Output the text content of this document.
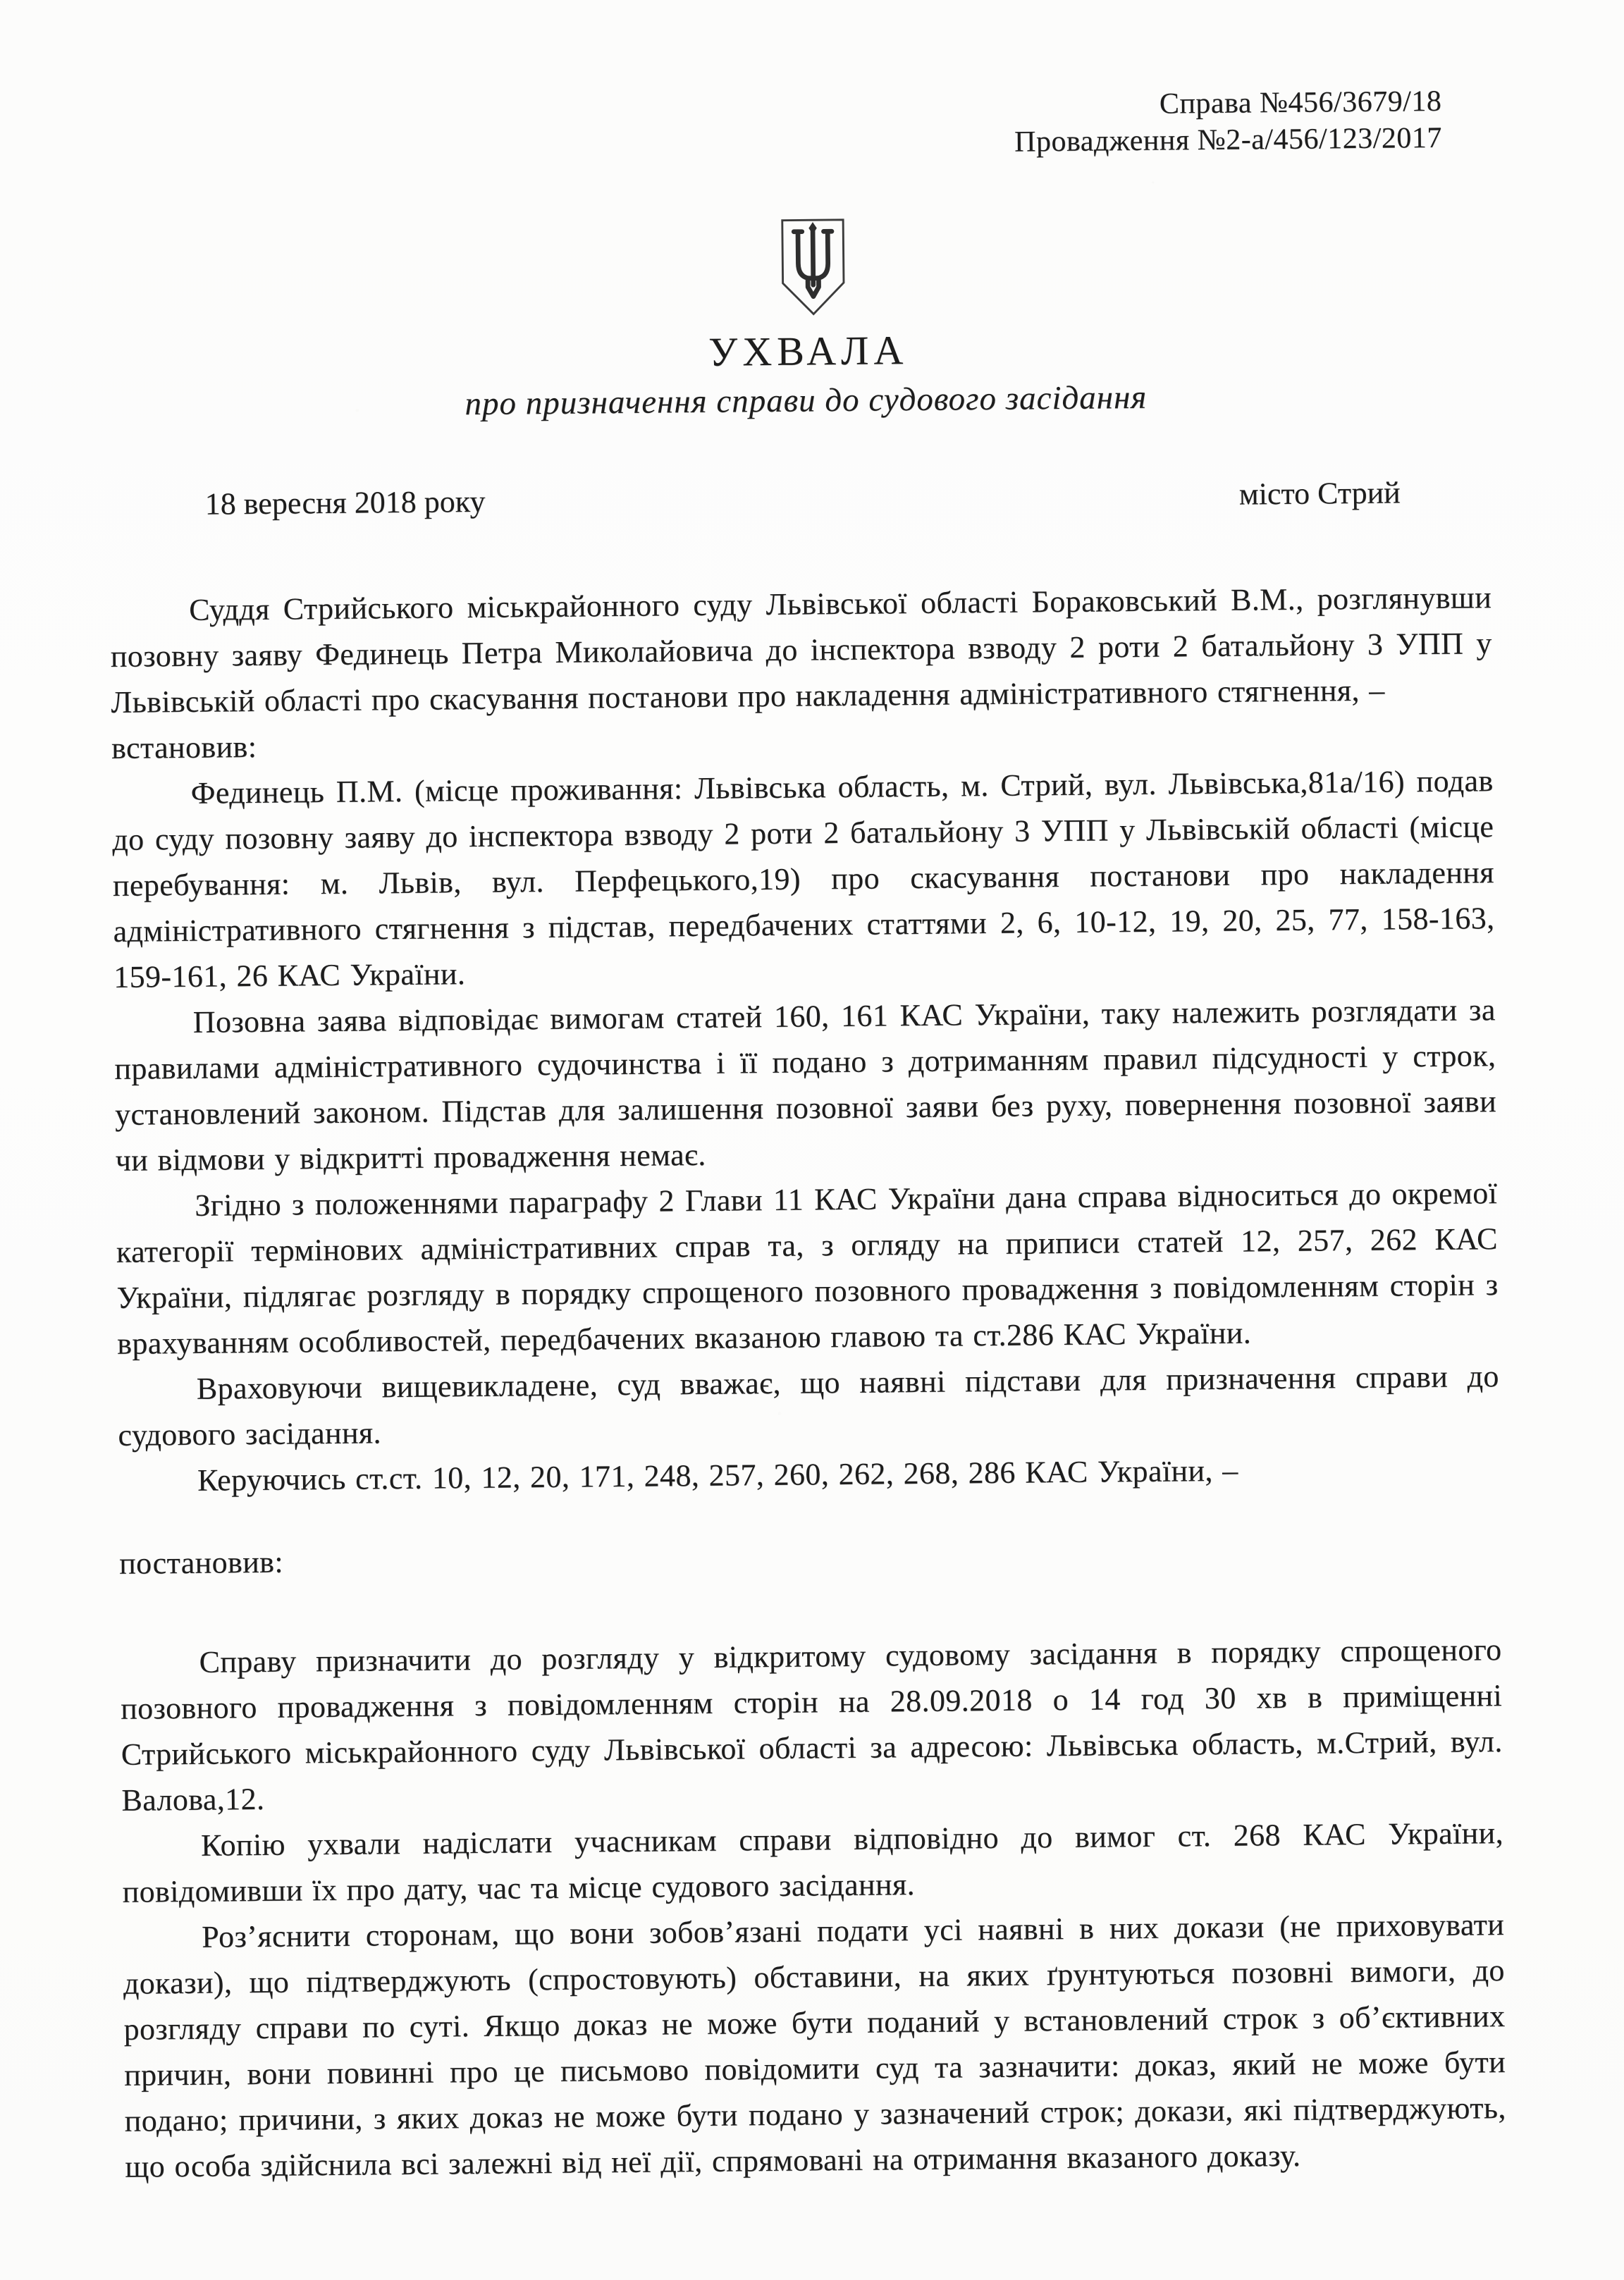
Справа №456/3679/18
Провадження №2-а/456/123/2017
УХВАЛА
про призначення справи до судового засідання
18 вересня 2018 року	місто Стрий

Суддя Стрийського міськрайонного суду Львівської області Бораковський В.М., розглянувши позовну заяву Фединець Петра Миколайовича до інспектора взводу 2 роти 2 батальйону 3 УПП у Львівській області про скасування постанови про накладення адміністративного стягнення, –

встановив:

Фединець П.М. (місце проживання: Львівська область, м. Стрий, вул. Львівська,81а/16) подав до суду позовну заяву до інспектора взводу 2 роти 2 батальйону 3 УПП у Львівській області (місце перебування: м. Львів, вул. Перфецького,19) про скасування постанови про накладення адміністративного стягнення з підстав, передбачених статтями 2, 6, 10-12, 19, 20, 25, 77, 158-163, 159-161, 26 КАС України.

Позовна заява відповідає вимогам статей 160, 161 КАС України, таку належить розглядати за правилами адміністративного судочинства і її подано з дотриманням правил підсудності у строк, установлений законом. Підстав для залишення позовної заяви без руху, повернення позовної заяви чи відмови у відкритті провадження немає.

Згідно з положеннями параграфу 2 Глави 11 КАС України дана справа відноситься до окремої категорії термінових адміністративних справ та, з огляду на приписи статей 12, 257, 262 КАС України, підлягає розгляду в порядку спрощеного позовного провадження з повідомленням сторін з врахуванням особливостей, передбачених вказаною главою та ст.286 КАС України.

Враховуючи вищевикладене, суд вважає, що наявні підстави для призначення справи до судового засідання.

Керуючись ст.ст. 10, 12, 20, 171, 248, 257, 260, 262, 268, 286 КАС України, –

постановив:

Справу призначити до розгляду у відкритому судовому засідання в порядку спрощеного позовного провадження з повідомленням сторін на 28.09.2018 о 14 год 30 хв в приміщенні Стрийського міськрайонного суду Львівської області за адресою: Львівська область, м.Стрий, вул. Валова,12.

Копію ухвали надіслати учасникам справи відповідно до вимог ст. 268 КАС України, повідомивши їх про дату, час та місце судового засідання.

Роз’яснити сторонам, що вони зобов’язані подати усі наявні в них докази (не приховувати докази), що підтверджують (спростовують) обставини, на яких ґрунтуються позовні вимоги, до розгляду справи по суті. Якщо доказ не може бути поданий у встановлений строк з об’єктивних причин, вони повинні про це письмово повідомити суд та зазначити: доказ, який не може бути подано; причини, з яких доказ не може бути подано у зазначений строк; докази, які підтверджують, що особа здійснила всі залежні від неї дії, спрямовані на отримання вказаного доказу.
